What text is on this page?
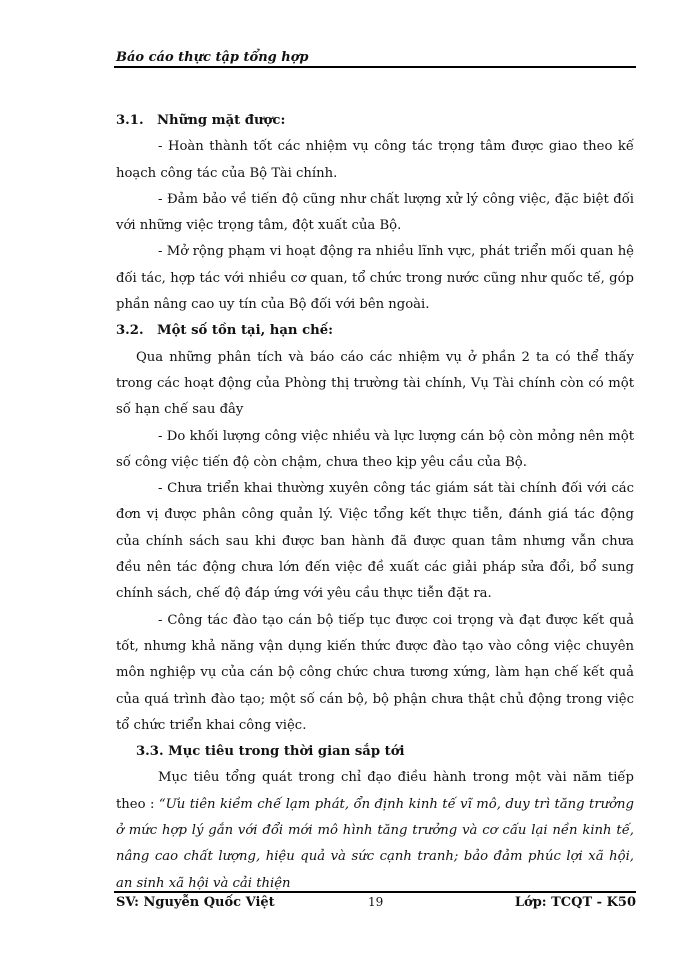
Báo cáo thực tập tổng hợp

3.1. Những mặt được:

- Hoàn thành tốt các nhiệm vụ công tác trọng tâm được giao theo kế hoạch công tác của Bộ Tài chính.

- Đảm bảo về tiến độ cũng như chất lượng xử lý công việc, đặc biệt đối với những việc trọng tâm, đột xuất của Bộ.

- Mở rộng phạm vi hoạt động ra nhiều lĩnh vực, phát triển mối quan hệ đối tác, hợp tác với nhiều cơ quan, tổ chức trong nước cũng như quốc tế, góp phần nâng cao uy tín của Bộ đối với bên ngoài.

3.2. Một số tồn tại, hạn chế:

Qua những phân tích và báo cáo các nhiệm vụ ở phần 2 ta có thể thấy trong các hoạt động của Phòng thị trường tài chính, Vụ Tài chính còn có một số hạn chế sau đây

- Do khối lượng công việc nhiều và lực lượng cán bộ còn mỏng nên một số công việc tiến độ còn chậm, chưa theo kịp yêu cầu của Bộ.

- Chưa triển khai thường xuyên công tác giám sát tài chính đối với các đơn vị được phân công quản lý. Việc tổng kết thực tiễn, đánh giá tác động của chính sách sau khi được ban hành đã được quan tâm nhưng vẫn chưa đều nên tác động chưa lớn đến việc đề xuất các giải pháp sửa đổi, bổ sung chính sách, chế độ đáp ứng với yêu cầu thực tiễn đặt ra.

- Công tác đào tạo cán bộ tiếp tục được coi trọng và đạt được kết quả tốt, nhưng khả năng vận dụng kiến thức được đào tạo vào công việc chuyên môn nghiệp vụ của cán bộ công chức chưa tương xứng, làm hạn chế kết quả của quá trình đào tạo; một số cán bộ, bộ phận chưa thật chủ động trong việc tổ chức triển khai công việc.

3.3. Mục tiêu trong thời gian sắp tới

Mục tiêu tổng quát trong chỉ đạo điều hành trong một vài năm tiếp theo : “Ưu tiên kiềm chế lạm phát, ổn định kinh tế vĩ mô, duy trì tăng trưởng ở mức hợp lý gắn với đổi mới mô hình tăng trưởng và cơ cấu lại nền kinh tế, nâng cao chất lượng, hiệu quả và sức cạnh tranh; bảo đảm phúc lợi xã hội, an sinh xã hội và cải thiện

SV: Nguyễn Quốc Việt	19	Lớp: TCQT - K50
